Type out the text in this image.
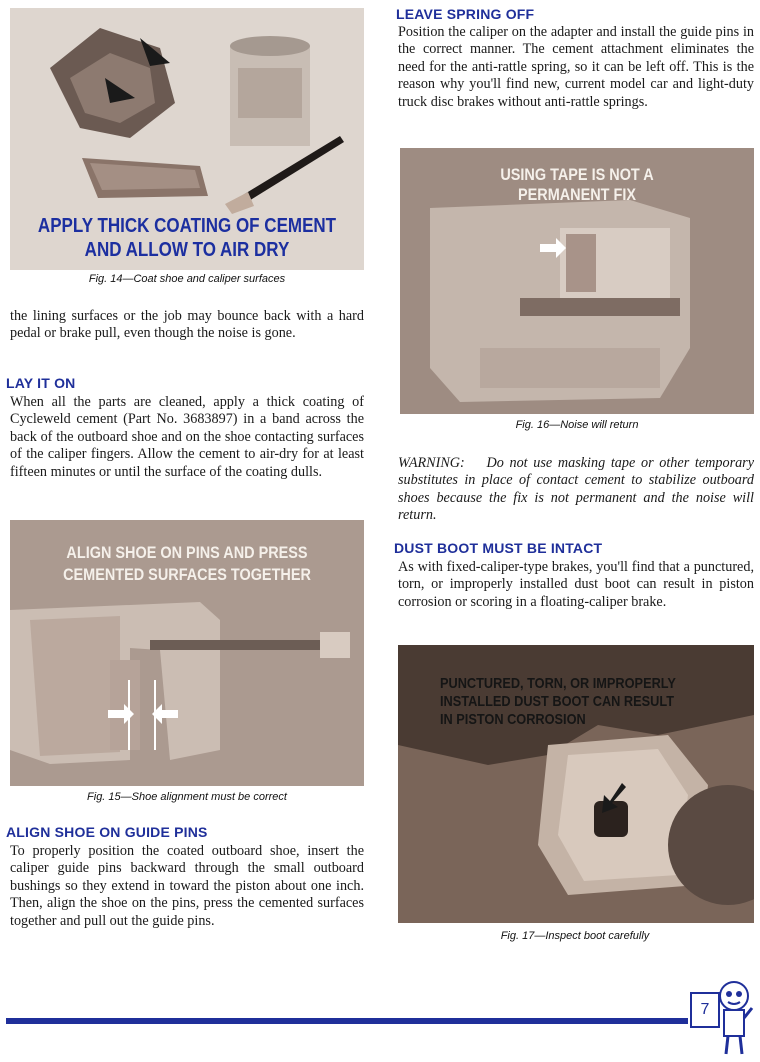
APPLY THICK COATING OF CEMENT
AND ALLOW TO AIR DRY
Fig. 14—Coat shoe and caliper surfaces
the lining surfaces or the job may bounce back with a hard pedal or brake pull, even though the noise is gone.
LAY IT ON
When all the parts are cleaned, apply a thick coating of Cycleweld cement (Part No. 3683897) in a band across the back of the outboard shoe and on the shoe contacting surfaces of the caliper fingers. Allow the cement to air-dry for at least fifteen minutes or until the surface of the coating dulls.
ALIGN SHOE ON PINS AND PRESS
CEMENTED SURFACES TOGETHER
Fig. 15—Shoe alignment must be correct
ALIGN SHOE ON GUIDE PINS
To properly position the coated outboard shoe, insert the caliper guide pins backward through the small outboard bushings so they extend in toward the piston about one inch. Then, align the shoe on the pins, press the cemented surfaces together and pull out the guide pins.
LEAVE SPRING OFF
Position the caliper on the adapter and install the guide pins in the correct manner. The cement attachment eliminates the need for the anti-rattle spring, so it can be left off. This is the reason why you'll find new, current model car and light-duty truck disc brakes without anti-rattle springs.
USING TAPE IS NOT A
PERMANENT FIX
Fig. 16—Noise will return
WARNING: Do not use masking tape or other temporary substitutes in place of contact cement to stabilize outboard shoes because the fix is not permanent and the noise will return.
DUST BOOT MUST BE INTACT
As with fixed-caliper-type brakes, you'll find that a punctured, torn, or improperly installed dust boot can result in piston corrosion or scoring in a floating-caliper brake.
PUNCTURED, TORN, OR IMPROPERLY
INSTALLED DUST BOOT CAN RESULT
IN PISTON CORROSION
Fig. 17—Inspect boot carefully
7
